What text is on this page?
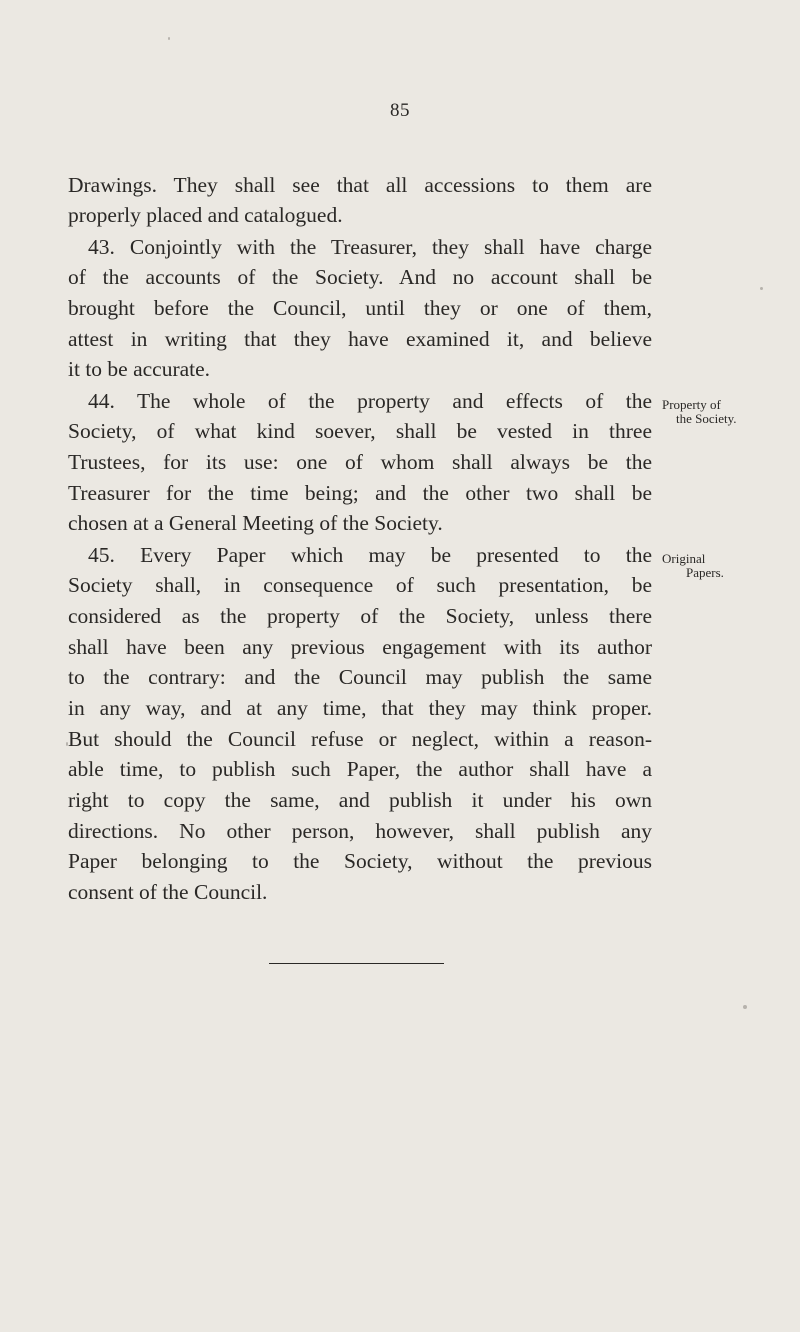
85
Drawings. They shall see that all accessions to them are
properly placed and catalogued.
43. Conjointly with the Treasurer, they shall have charge
of the accounts of the Society. And no account shall be
brought before the Council, until they or one of them,
attest in writing that they have examined it, and believe
it to be accurate.
44. The whole of the property and effects of the
Society, of what kind soever, shall be vested in three
Trustees, for its use: one of whom shall always be the
Treasurer for the time being; and the other two shall be
chosen at a General Meeting of the Society.
45. Every Paper which may be presented to the
Society shall, in consequence of such presentation, be
considered as the property of the Society, unless there
shall have been any previous engagement with its author
to the contrary: and the Council may publish the same
in any way, and at any time, that they may think proper.
But should the Council refuse or neglect, within a reason-
able time, to publish such Paper, the author shall have a
right to copy the same, and publish it under his own
directions. No other person, however, shall publish any
Paper belonging to the Society, without the previous
consent of the Council.
Property of
the Society.
Original
Papers.
